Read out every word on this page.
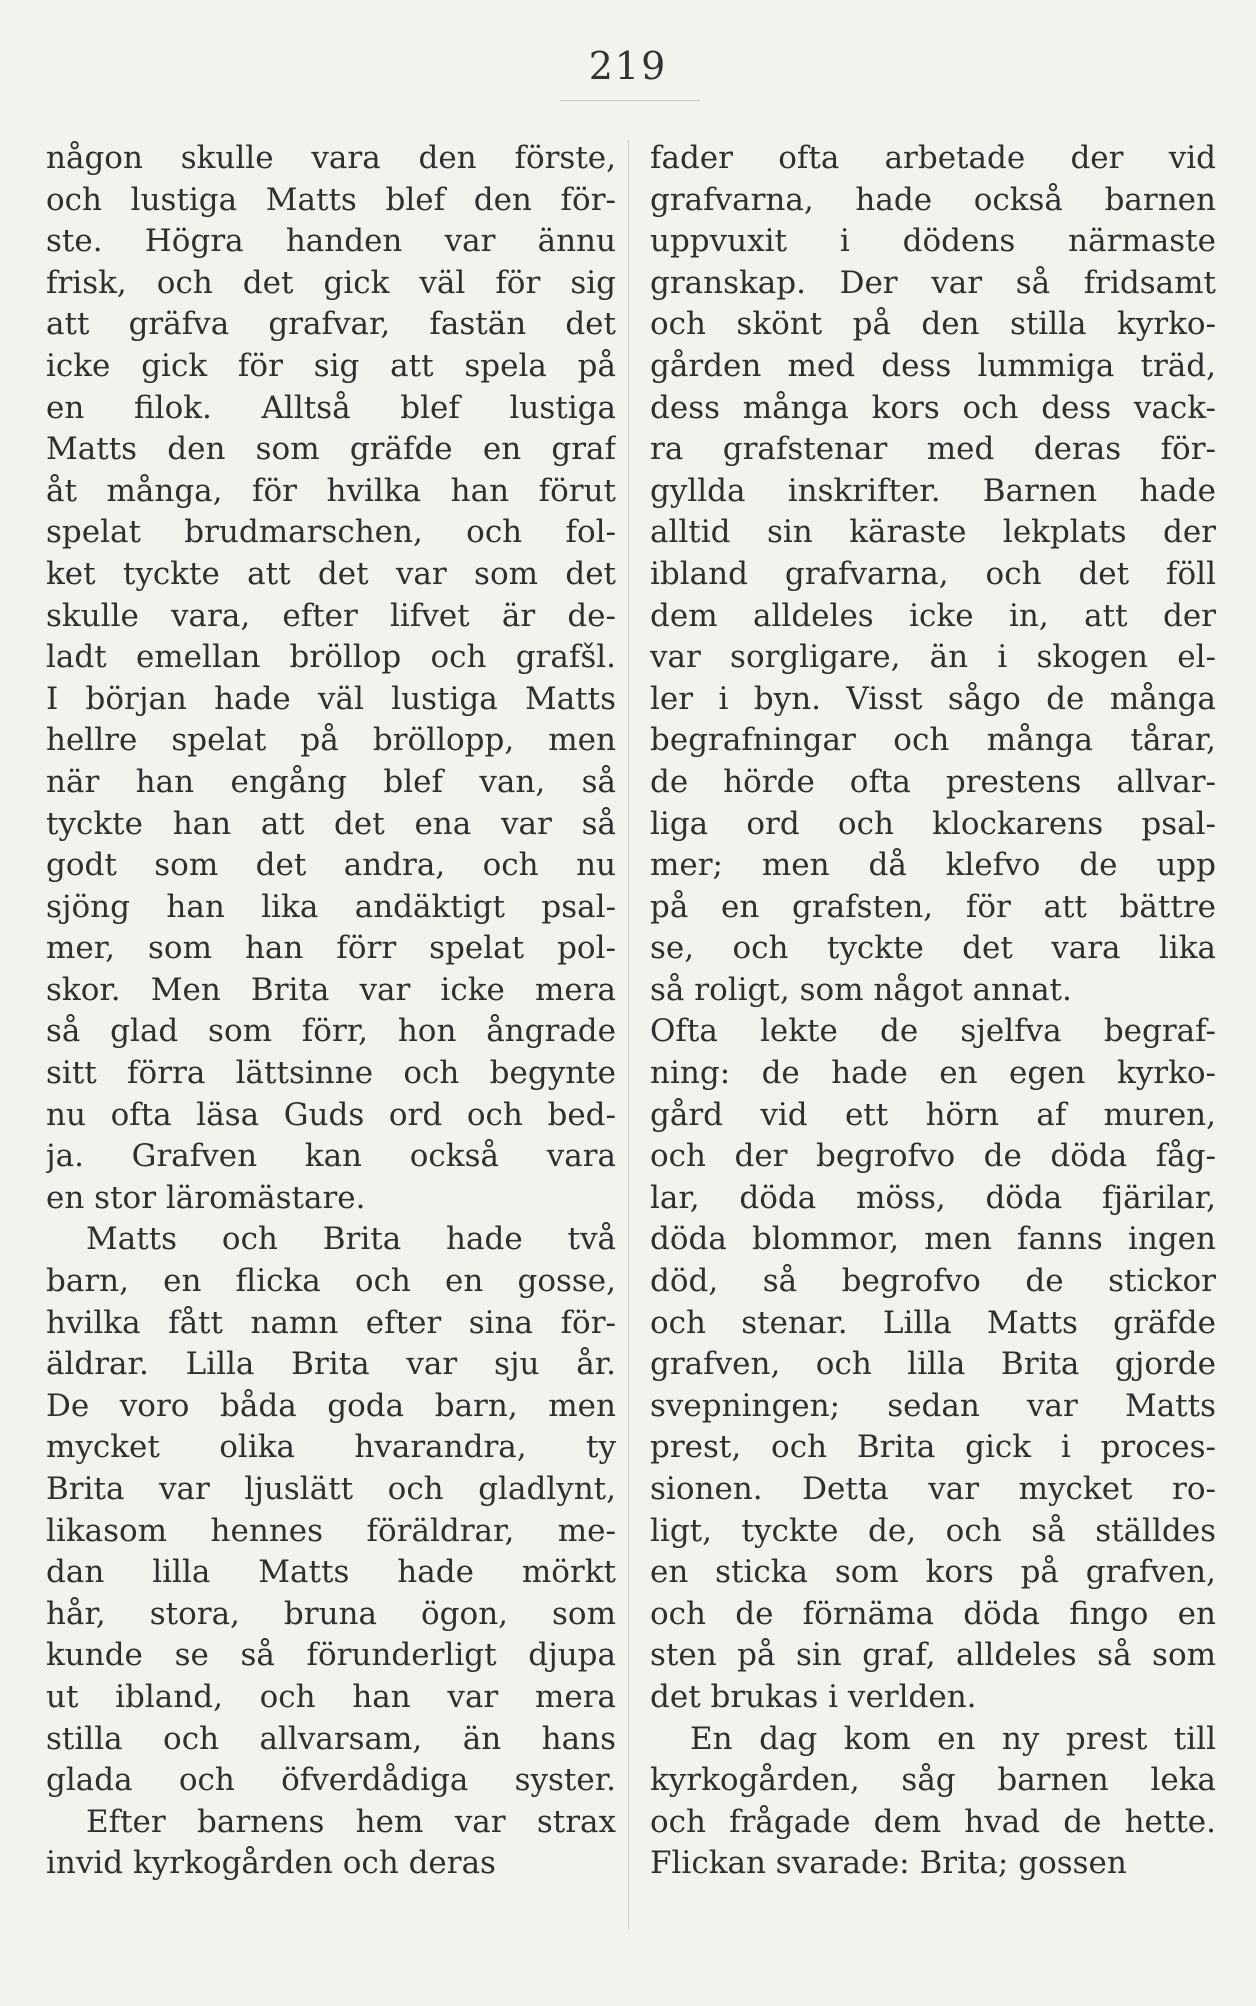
219
någon skulle vara den förste,
och lustiga Matts blef den för-
ste. Högra handen var ännu
frisk, och det gick väl för sig
att gräfva grafvar, fastän det
icke gick för sig att spela på
en filok. Alltså blef lustiga
Matts den som gräfde en graf
åt många, för hvilka han förut
spelat brudmarschen, och fol-
ket tyckte att det var som det
skulle vara, efter lifvet är de-
ladt emellan bröllop och grafšl.
I början hade väl lustiga Matts
hellre spelat på bröllopp, men
när han engång blef van, så
tyckte han att det ena var så
godt som det andra, och nu
sjöng han lika andäktigt psal-
mer, som han förr spelat pol-
skor. Men Brita var icke mera
så glad som förr, hon ångrade
sitt förra lättsinne och begynte
nu ofta läsa Guds ord och bed-
ja. Grafven kan också vara
en stor läromästare.
Matts och Brita hade två
barn, en flicka och en gosse,
hvilka fått namn efter sina för-
äldrar. Lilla Brita var sju år.
De voro båda goda barn, men
mycket olika hvarandra, ty
Brita var ljuslätt och gladlynt,
likasom hennes föräldrar, me-
dan lilla Matts hade mörkt
hår, stora, bruna ögon, som
kunde se så förunderligt djupa
ut ibland, och han var mera
stilla och allvarsam, än hans
glada och öfverdådiga syster.
Efter barnens hem var strax
invid kyrkogården och deras
fader ofta arbetade der vid
grafvarna, hade också barnen
uppvuxit i dödens närmaste
granskap. Der var så fridsamt
och skönt på den stilla kyrko-
gården med dess lummiga träd,
dess många kors och dess vack-
ra grafstenar med deras för-
gyllda inskrifter. Barnen hade
alltid sin käraste lekplats der
ibland grafvarna, och det föll
dem alldeles icke in, att der
var sorgligare, än i skogen el-
ler i byn. Visst sågo de många
begrafningar och många tårar,
de hörde ofta prestens allvar-
liga ord och klockarens psal-
mer; men då klefvo de upp
på en grafsten, för att bättre
se, och tyckte det vara lika
så roligt, som något annat.
Ofta lekte de sjelfva begraf-
ning: de hade en egen kyrko-
gård vid ett hörn af muren,
och der begrofvo de döda fåg-
lar, döda möss, döda fjärilar,
döda blommor, men fanns ingen
död, så begrofvo de stickor
och stenar. Lilla Matts gräfde
grafven, och lilla Brita gjorde
svepningen; sedan var Matts
prest, och Brita gick i proces-
sionen. Detta var mycket ro-
ligt, tyckte de, och så ställdes
en sticka som kors på grafven,
och de förnäma döda fingo en
sten på sin graf, alldeles så som
det brukas i verlden.
En dag kom en ny prest till
kyrkogården, såg barnen leka
och frågade dem hvad de hette.
Flickan svarade: Brita; gossen
